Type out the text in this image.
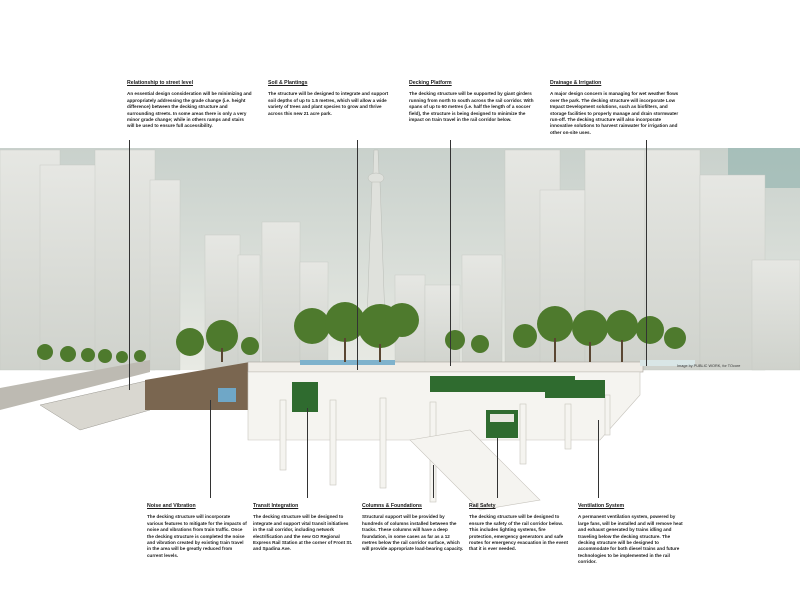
Relationship to street level
An essential design consideration will be minimizing and appropriately addressing the grade change (i.e. height difference) between the decking structure and surrounding streets. In some areas there is only a very minor grade change; while in others ramps and stairs will be used to ensure full accessibility.
Soil & Plantings
The structure will be designed to integrate and support soil depths of up to 1.5 metres, which will allow a wide variety of trees and plant species to grow and thrive across this new 21 acre park.
Decking Platform
The decking structure will be supported by giant girders running from north to south across the rail corridor. With spans of up to 60 metres (i.e. half the length of a soccer field), the structure is being designed to minimize the impact on train travel in the rail corridor below.
Drainage & Irrigation
A major design concern is managing for wet weather flows over the park. The decking structure will incorporate Low Impact Development solutions, such as biofilters, and storage facilities to properly manage and drain stormwater run-off. The decking structure will also incorporate innovative solutions to harvest rainwater for irrigation and other on-site uses.
Noise and Vibration
The decking structure will incorporate various features to mitigate for the impacts of noise and vibrations from train traffic. Once the decking structure is completed the noise and vibration created by existing train travel in the area will be greatly reduced from current levels.
Transit Integration
The decking structure will be designed to integrate and support vital transit initiatives in the rail corridor, including network electrification and the new GO Regional Express Rail Station at the corner of Front St. and Spadina Ave.
Columns & Foundations
Structural support will be provided by hundreds of columns installed between the tracks. These columns will have a deep foundation, in some cases as far as a 12 metres below the rail corridor surface, which will provide appropriate load-bearing capacity.
Rail Safety
The decking structure will be designed to ensure the safety of the rail corridor below. This includes lighting systems, fire protection, emergency generators and safe routes for emergency evacuation in the event that it is ever needed.
Ventilation System
A permanent ventilation system, powered by large fans, will be installed and will remove heat and exhaust generated by trains idling and traveling below the decking structure. The decking structure will be designed to accommodate for both diesel trains and future technologies to be implemented in the rail corridor.
Image by PUBLIC WORK, for TOcore
